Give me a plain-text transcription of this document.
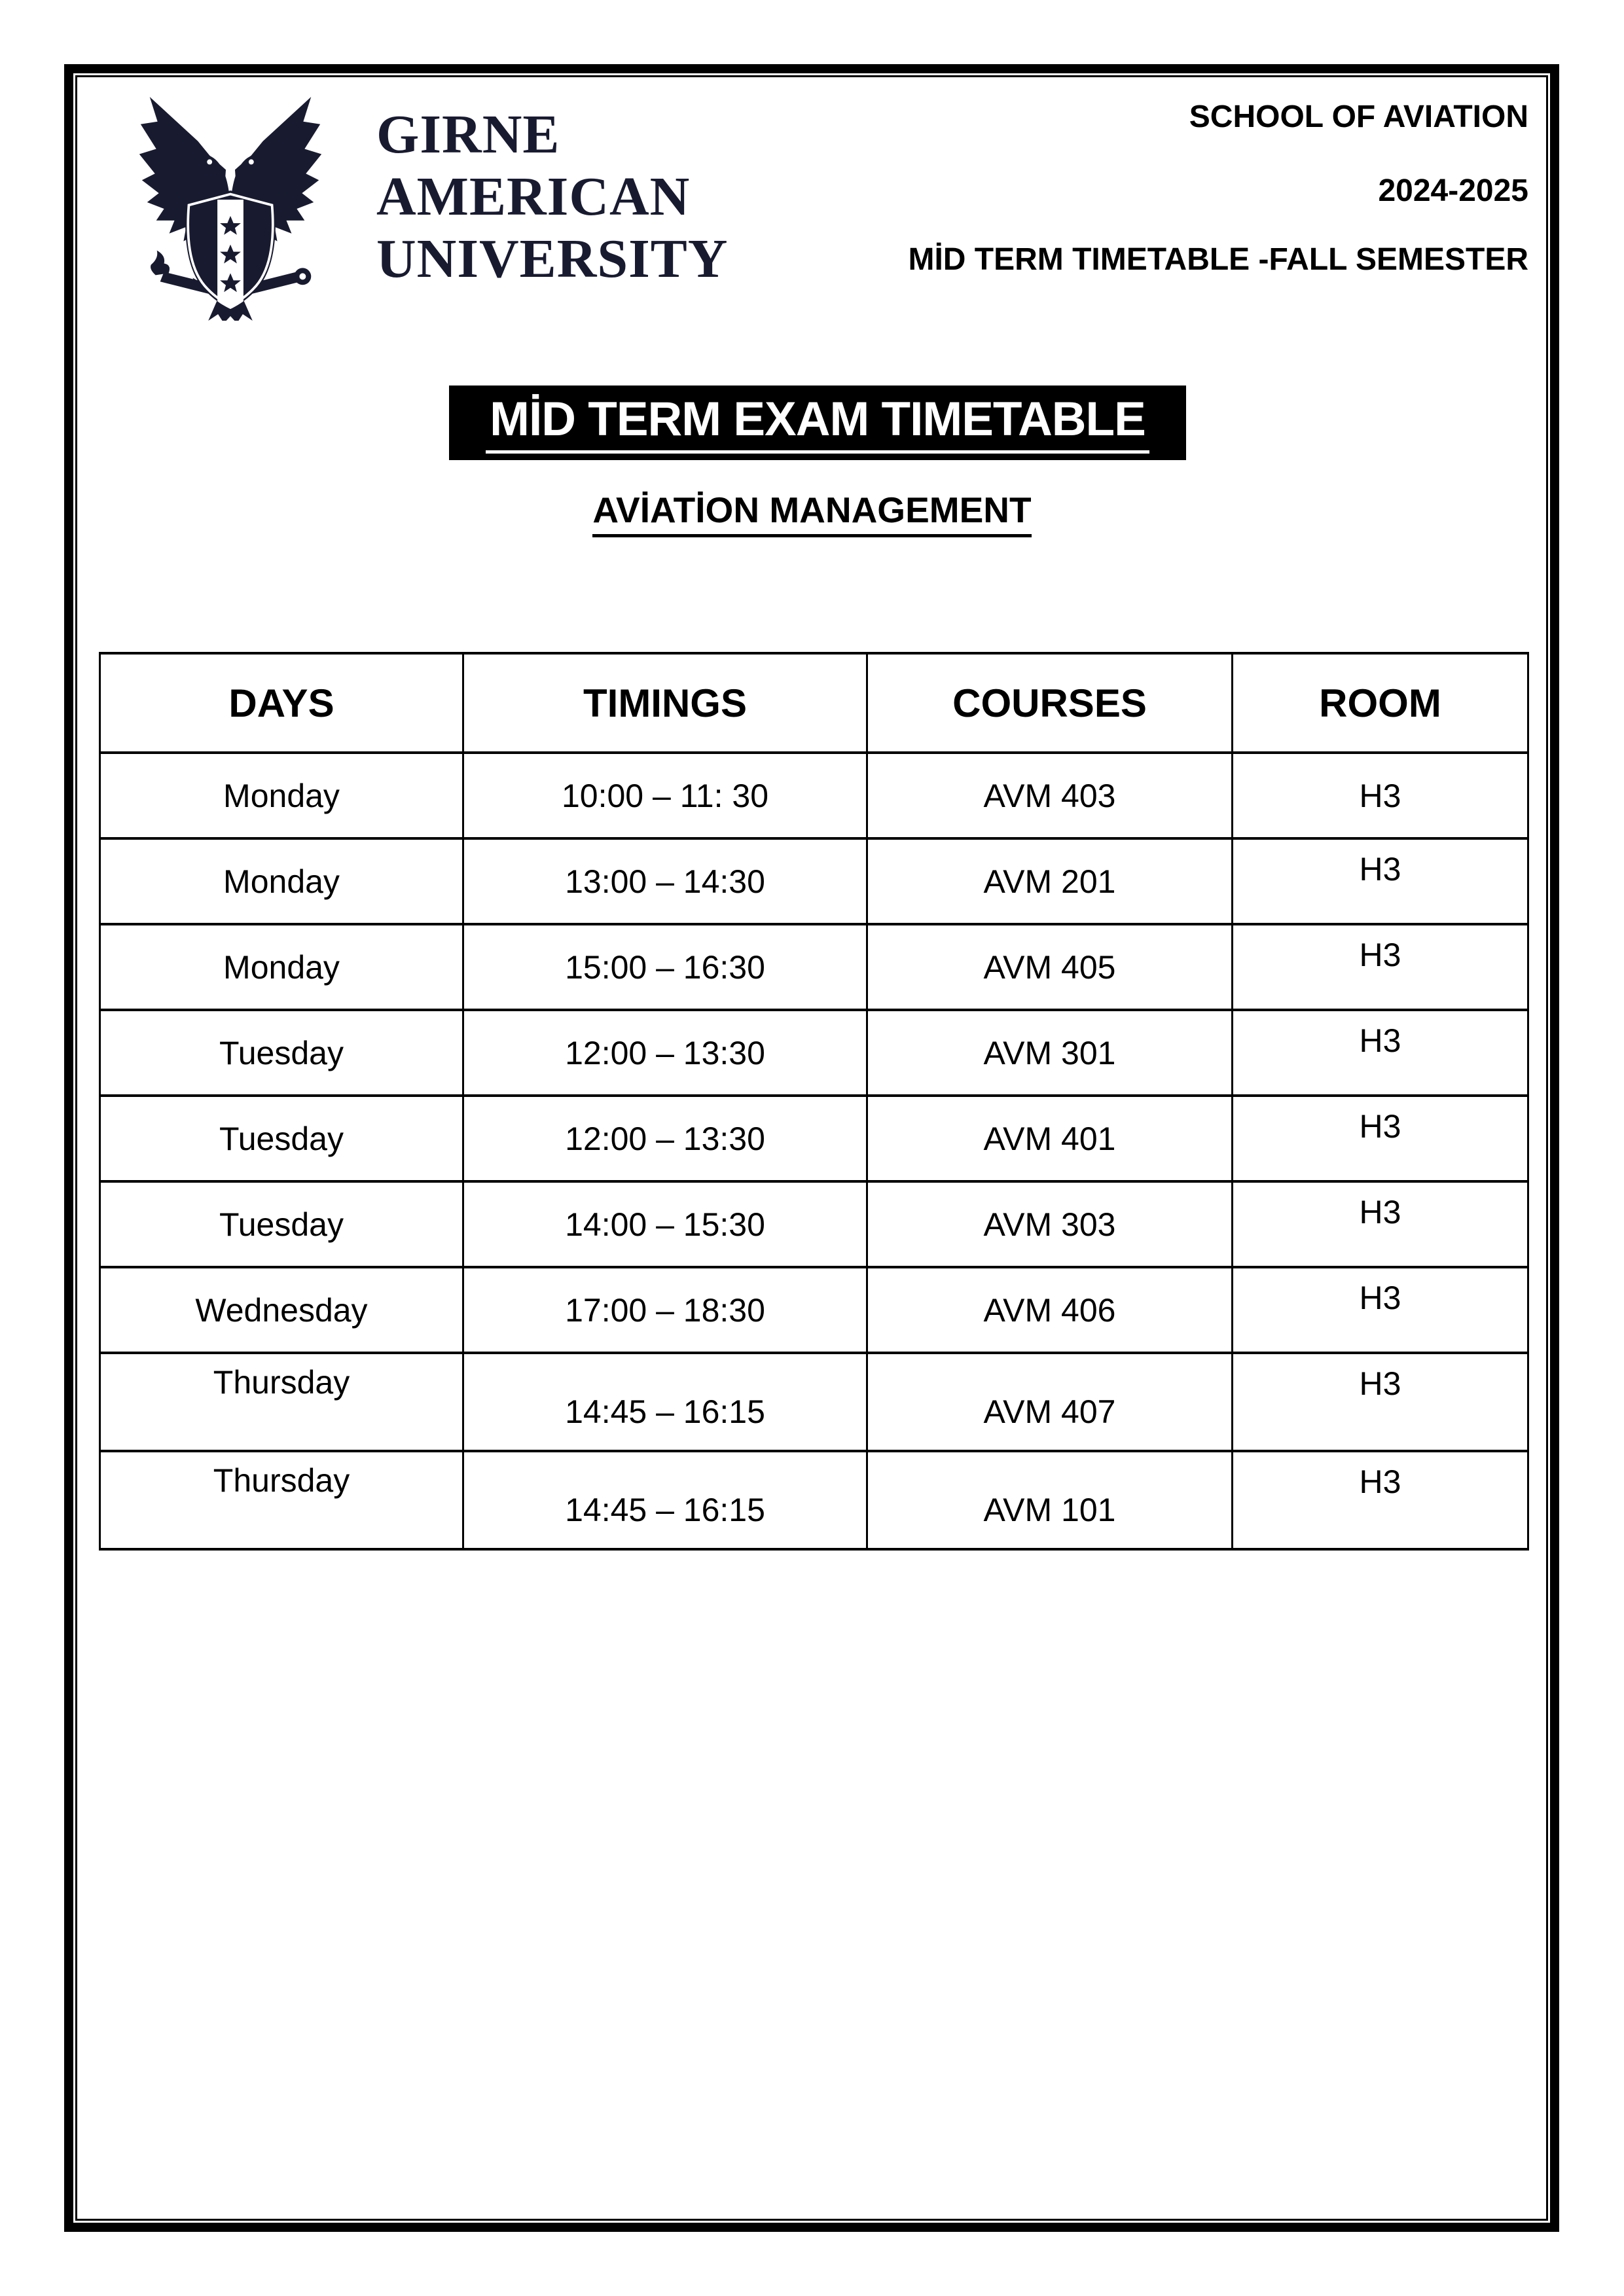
GIRNE
AMERICAN
UNIVERSITY
SCHOOL OF AVIATION
2024-2025
MİD TERM TIMETABLE -FALL SEMESTER
MİD TERM EXAM TIMETABLE
AVİATİON MANAGEMENT
DAYS	TIMINGS	COURSES	ROOM
Monday	10:00 – 11: 30	AVM 403	H3
Monday	13:00 – 14:30	AVM 201	H3
Monday	15:00 – 16:30	AVM 405	H3
Tuesday	12:00 – 13:30	AVM 301	H3
Tuesday	12:00 – 13:30	AVM 401	H3
Tuesday	14:00 – 15:30	AVM 303	H3
Wednesday	17:00 – 18:30	AVM 406	H3
Thursday	14:45 – 16:15	AVM 407	H3
Thursday	14:45 – 16:15	AVM 101	H3
